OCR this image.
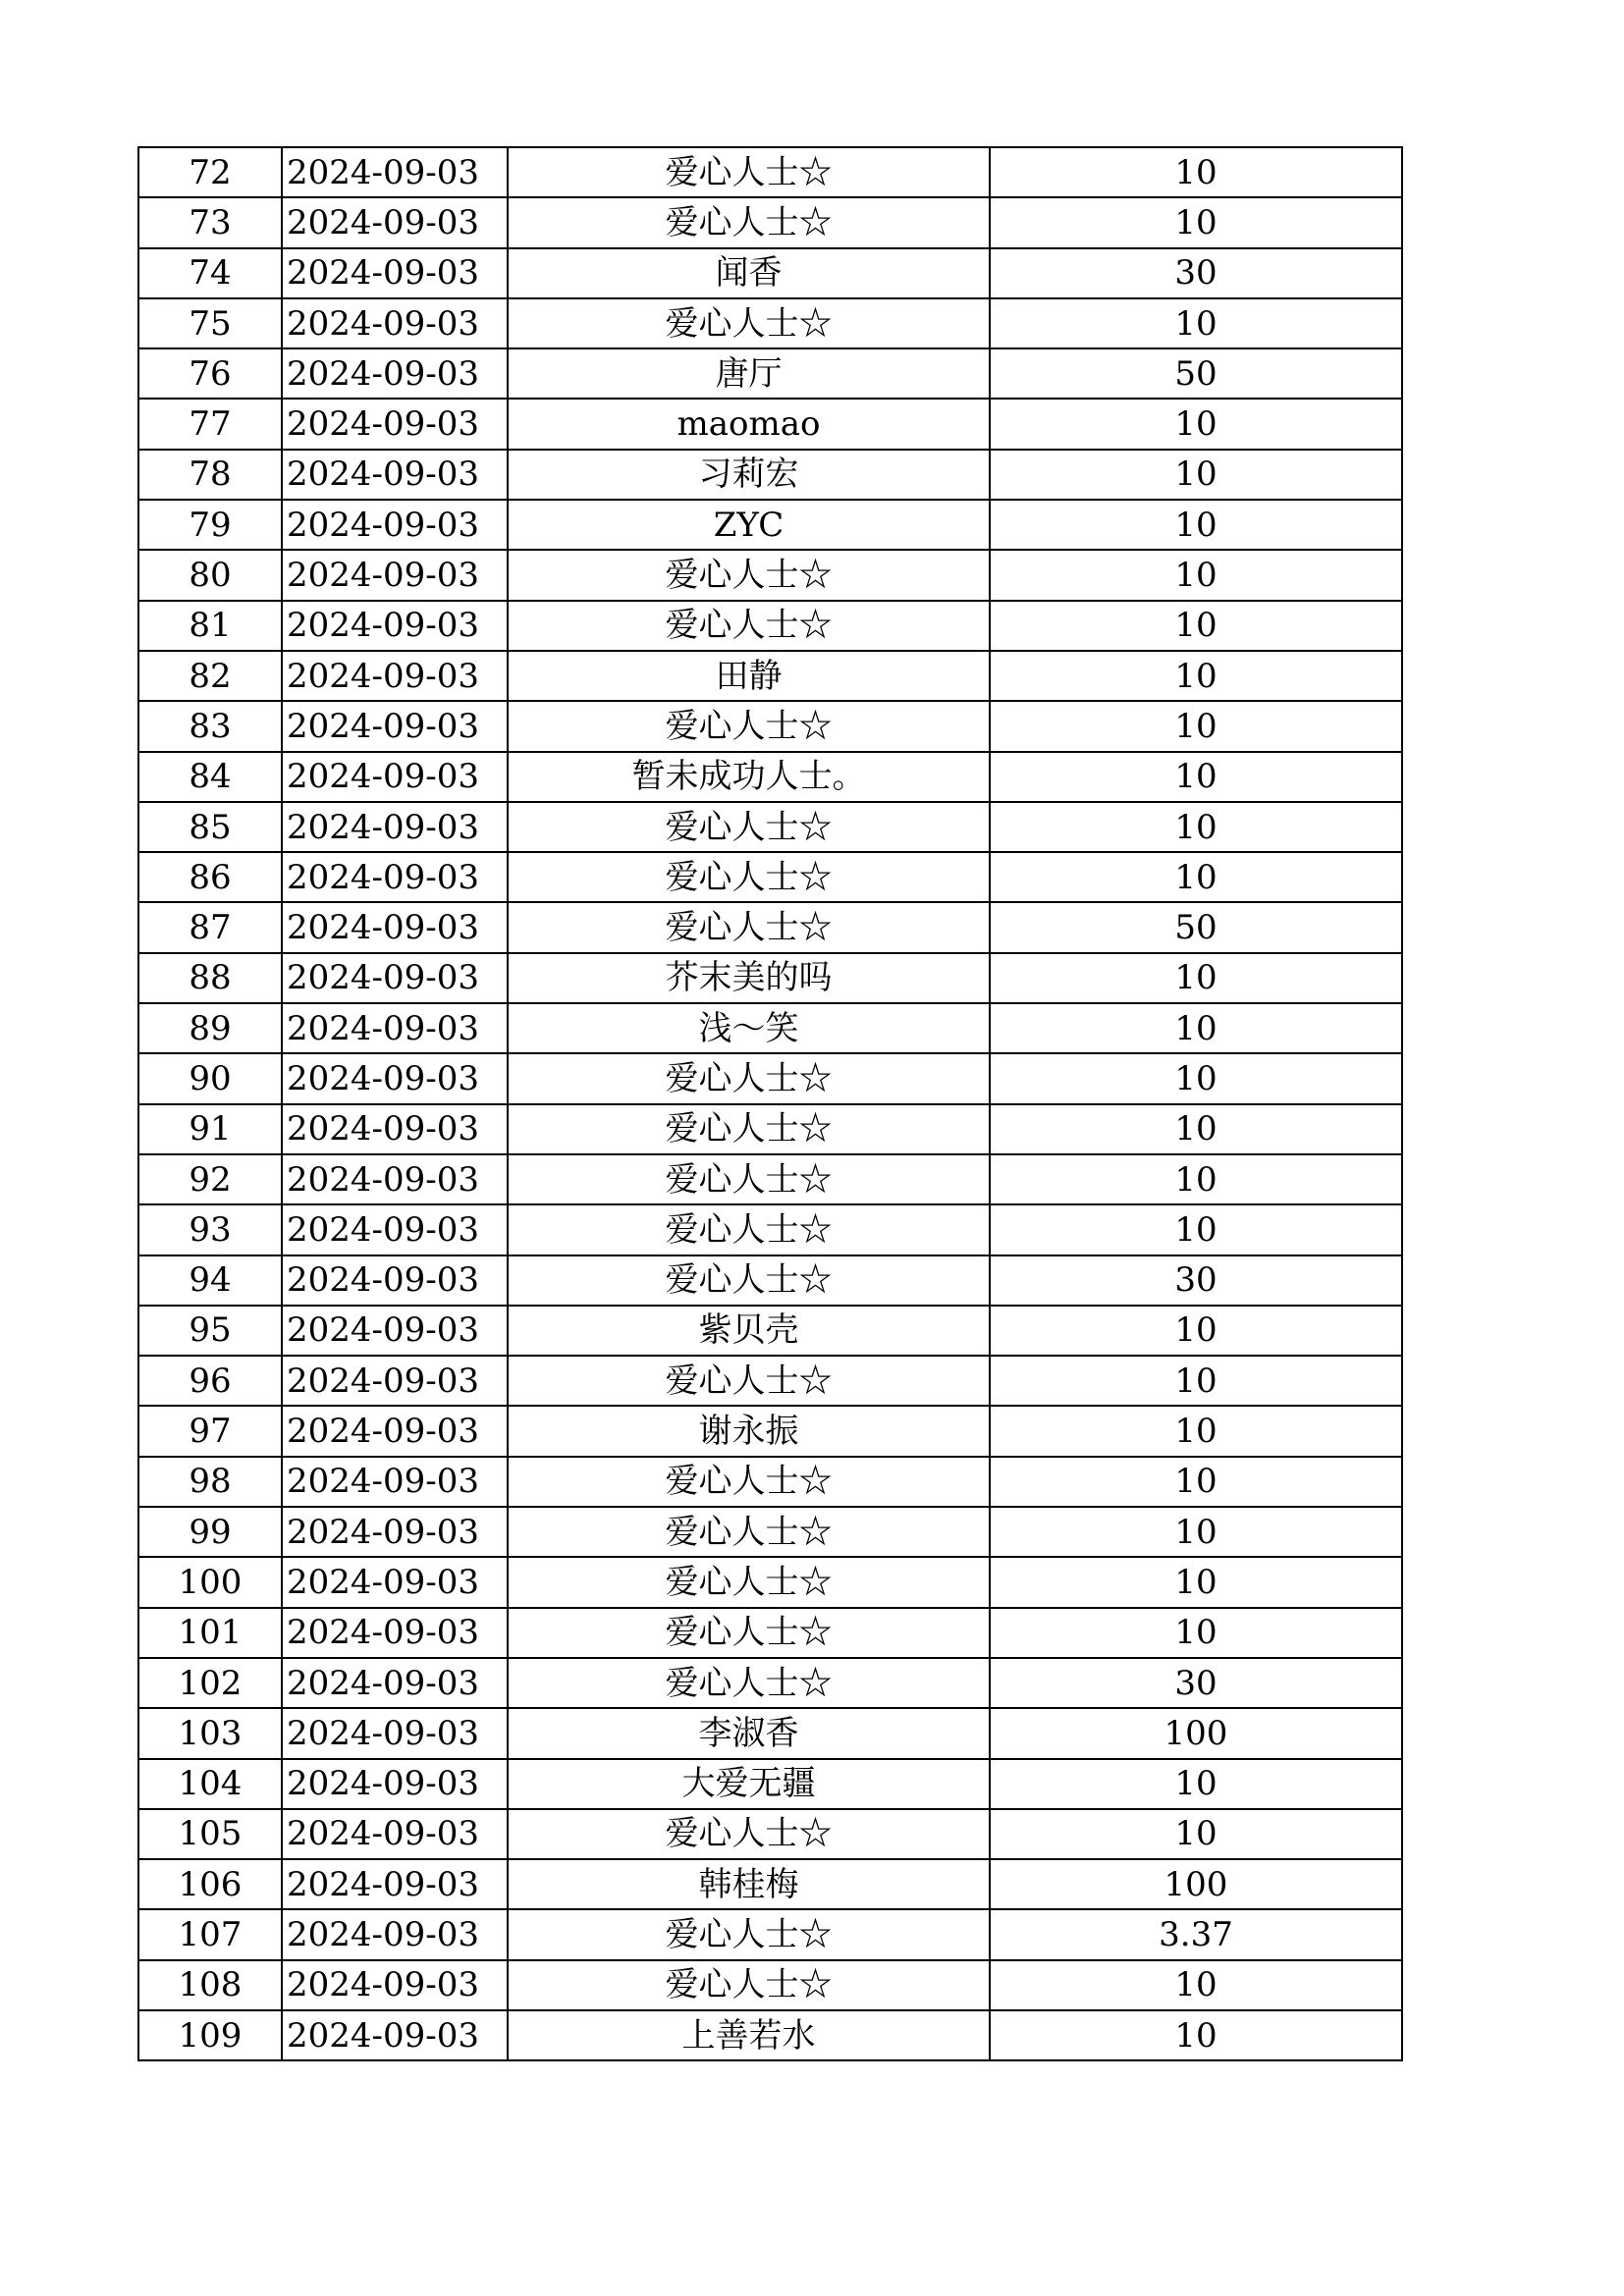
72	2024-09-03	爱心人士☆	10
73	2024-09-03	爱心人士☆	10
74	2024-09-03	闻香	30
75	2024-09-03	爱心人士☆	10
76	2024-09-03	唐厅	50
77	2024-09-03	maomao	10
78	2024-09-03	习莉宏	10
79	2024-09-03	ZYC	10
80	2024-09-03	爱心人士☆	10
81	2024-09-03	爱心人士☆	10
82	2024-09-03	田静	10
83	2024-09-03	爱心人士☆	10
84	2024-09-03	暂未成功人士。	10
85	2024-09-03	爱心人士☆	10
86	2024-09-03	爱心人士☆	10
87	2024-09-03	爱心人士☆	50
88	2024-09-03	芥末美的吗	10
89	2024-09-03	浅～笑	10
90	2024-09-03	爱心人士☆	10
91	2024-09-03	爱心人士☆	10
92	2024-09-03	爱心人士☆	10
93	2024-09-03	爱心人士☆	10
94	2024-09-03	爱心人士☆	30
95	2024-09-03	紫贝壳	10
96	2024-09-03	爱心人士☆	10
97	2024-09-03	谢永振	10
98	2024-09-03	爱心人士☆	10
99	2024-09-03	爱心人士☆	10
100	2024-09-03	爱心人士☆	10
101	2024-09-03	爱心人士☆	10
102	2024-09-03	爱心人士☆	30
103	2024-09-03	李淑香	100
104	2024-09-03	大爱无疆	10
105	2024-09-03	爱心人士☆	10
106	2024-09-03	韩桂梅	100
107	2024-09-03	爱心人士☆	3.37
108	2024-09-03	爱心人士☆	10
109	2024-09-03	上善若水	10
